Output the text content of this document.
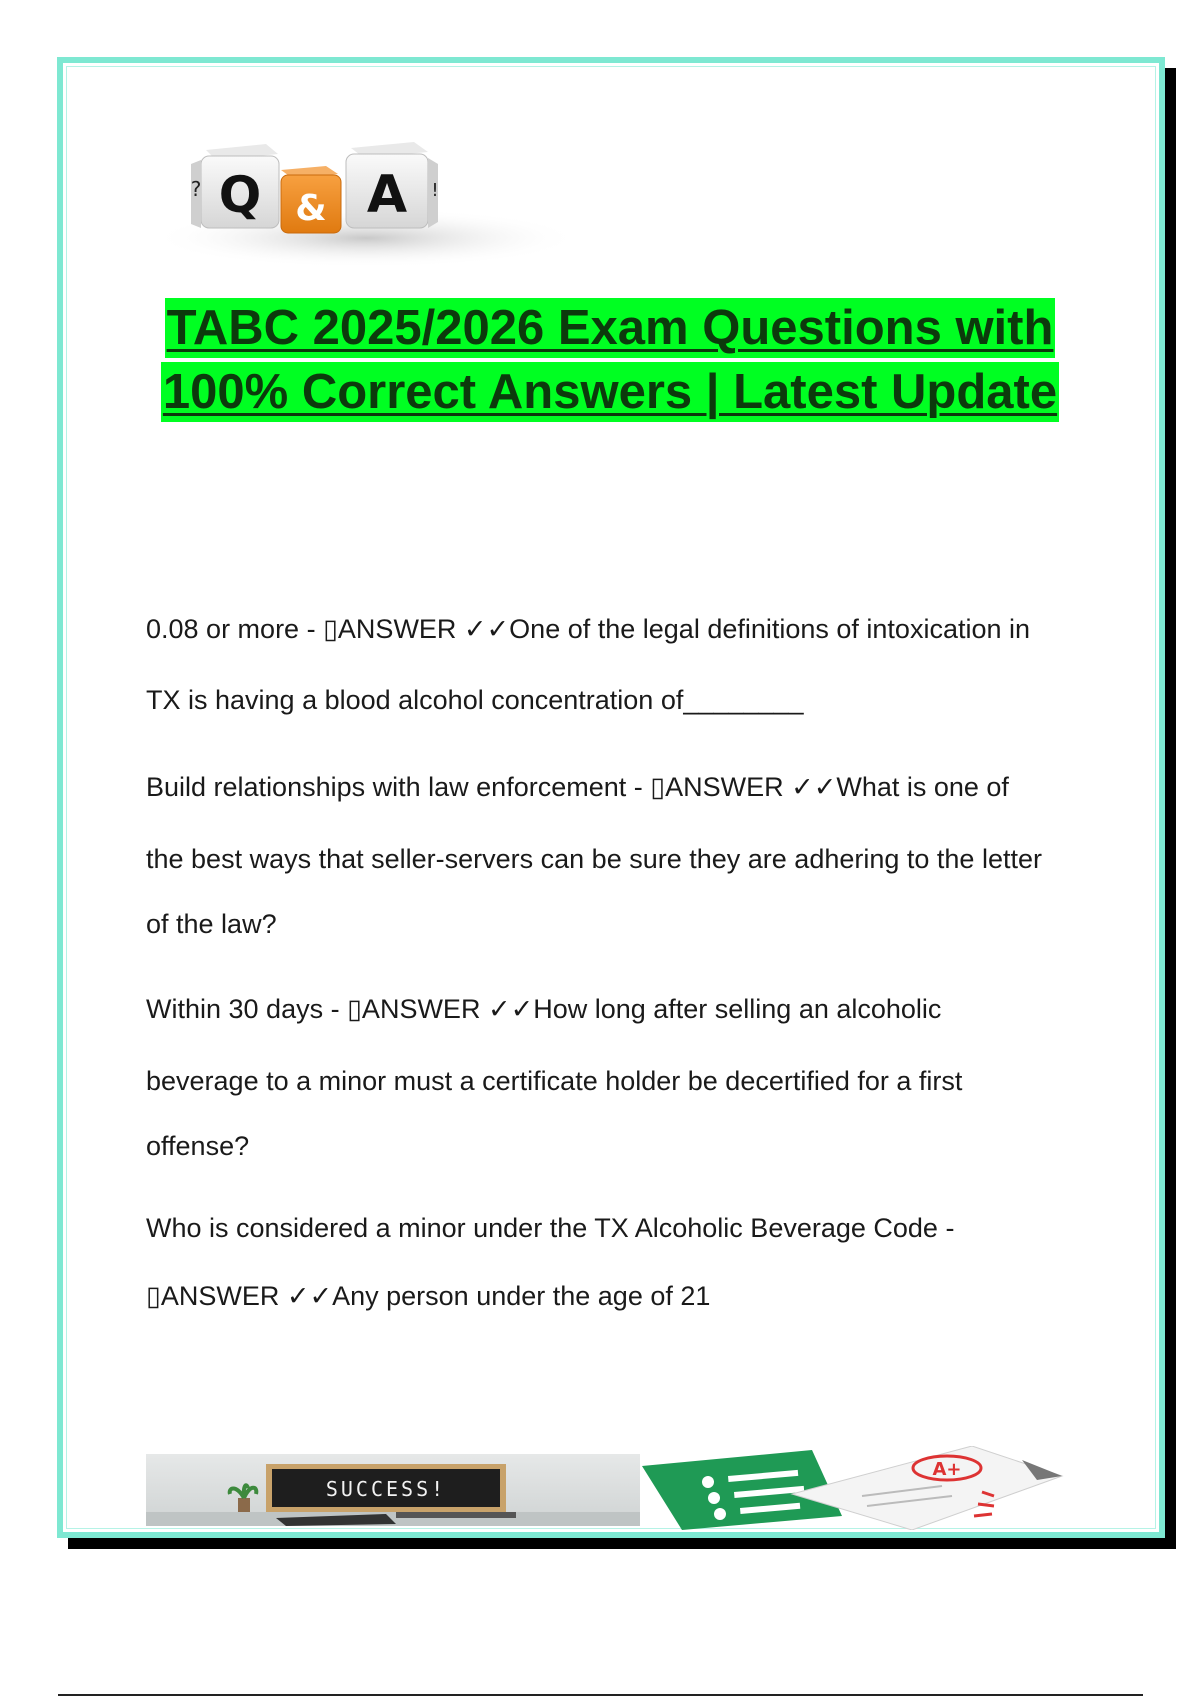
Q
?	& A !
TABC 2025/2026 Exam Questions with
100% Correct Answers | Latest Update

0.08 or more - ▯ANSWER ✓✓One of the legal definitions of intoxication in

TX is having a blood alcohol concentration of________

Build relationships with law enforcement - ▯ANSWER ✓✓What is one of

the best ways that seller-servers can be sure they are adhering to the letter

of the law?

Within 30 days - ▯ANSWER ✓✓How long after selling an alcoholic

beverage to a minor must a certificate holder be decertified for a first

offense?

Who is considered a minor under the TX Alcoholic Beverage Code -

▯ANSWER ✓✓Any person under the age of 21

SUCCESS!
A+
